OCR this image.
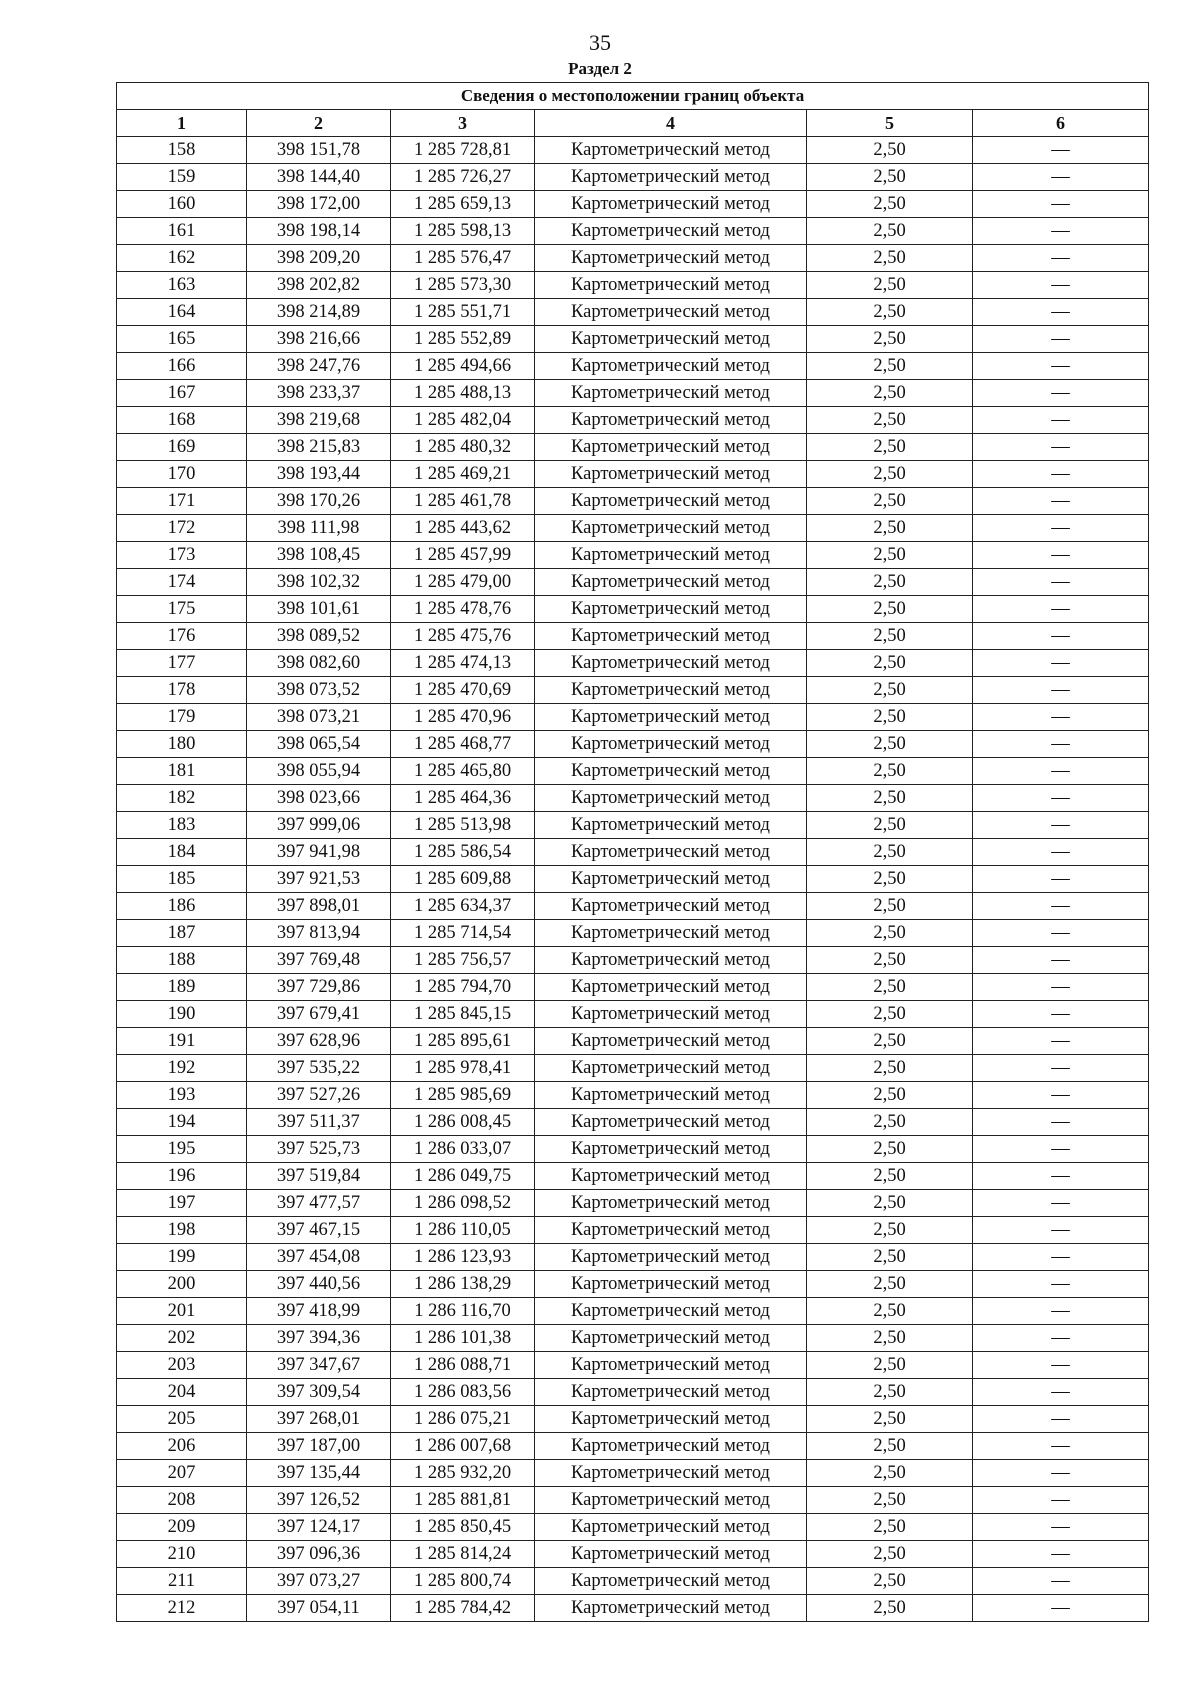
35
Раздел 2
Сведения о местоположении границ объекта					
1	2	3	4	5	6
158	398 151,78	1 285 728,81	Картометрический метод	2,50	—
159	398 144,40	1 285 726,27	Картометрический метод	2,50	—
160	398 172,00	1 285 659,13	Картометрический метод	2,50	—
161	398 198,14	1 285 598,13	Картометрический метод	2,50	—
162	398 209,20	1 285 576,47	Картометрический метод	2,50	—
163	398 202,82	1 285 573,30	Картометрический метод	2,50	—
164	398 214,89	1 285 551,71	Картометрический метод	2,50	—
165	398 216,66	1 285 552,89	Картометрический метод	2,50	—
166	398 247,76	1 285 494,66	Картометрический метод	2,50	—
167	398 233,37	1 285 488,13	Картометрический метод	2,50	—
168	398 219,68	1 285 482,04	Картометрический метод	2,50	—
169	398 215,83	1 285 480,32	Картометрический метод	2,50	—
170	398 193,44	1 285 469,21	Картометрический метод	2,50	—
171	398 170,26	1 285 461,78	Картометрический метод	2,50	—
172	398 111,98	1 285 443,62	Картометрический метод	2,50	—
173	398 108,45	1 285 457,99	Картометрический метод	2,50	—
174	398 102,32	1 285 479,00	Картометрический метод	2,50	—
175	398 101,61	1 285 478,76	Картометрический метод	2,50	—
176	398 089,52	1 285 475,76	Картометрический метод	2,50	—
177	398 082,60	1 285 474,13	Картометрический метод	2,50	—
178	398 073,52	1 285 470,69	Картометрический метод	2,50	—
179	398 073,21	1 285 470,96	Картометрический метод	2,50	—
180	398 065,54	1 285 468,77	Картометрический метод	2,50	—
181	398 055,94	1 285 465,80	Картометрический метод	2,50	—
182	398 023,66	1 285 464,36	Картометрический метод	2,50	—
183	397 999,06	1 285 513,98	Картометрический метод	2,50	—
184	397 941,98	1 285 586,54	Картометрический метод	2,50	—
185	397 921,53	1 285 609,88	Картометрический метод	2,50	—
186	397 898,01	1 285 634,37	Картометрический метод	2,50	—
187	397 813,94	1 285 714,54	Картометрический метод	2,50	—
188	397 769,48	1 285 756,57	Картометрический метод	2,50	—
189	397 729,86	1 285 794,70	Картометрический метод	2,50	—
190	397 679,41	1 285 845,15	Картометрический метод	2,50	—
191	397 628,96	1 285 895,61	Картометрический метод	2,50	—
192	397 535,22	1 285 978,41	Картометрический метод	2,50	—
193	397 527,26	1 285 985,69	Картометрический метод	2,50	—
194	397 511,37	1 286 008,45	Картометрический метод	2,50	—
195	397 525,73	1 286 033,07	Картометрический метод	2,50	—
196	397 519,84	1 286 049,75	Картометрический метод	2,50	—
197	397 477,57	1 286 098,52	Картометрический метод	2,50	—
198	397 467,15	1 286 110,05	Картометрический метод	2,50	—
199	397 454,08	1 286 123,93	Картометрический метод	2,50	—
200	397 440,56	1 286 138,29	Картометрический метод	2,50	—
201	397 418,99	1 286 116,70	Картометрический метод	2,50	—
202	397 394,36	1 286 101,38	Картометрический метод	2,50	—
203	397 347,67	1 286 088,71	Картометрический метод	2,50	—
204	397 309,54	1 286 083,56	Картометрический метод	2,50	—
205	397 268,01	1 286 075,21	Картометрический метод	2,50	—
206	397 187,00	1 286 007,68	Картометрический метод	2,50	—
207	397 135,44	1 285 932,20	Картометрический метод	2,50	—
208	397 126,52	1 285 881,81	Картометрический метод	2,50	—
209	397 124,17	1 285 850,45	Картометрический метод	2,50	—
210	397 096,36	1 285 814,24	Картометрический метод	2,50	—
211	397 073,27	1 285 800,74	Картометрический метод	2,50	—
212	397 054,11	1 285 784,42	Картометрический метод	2,50	—
